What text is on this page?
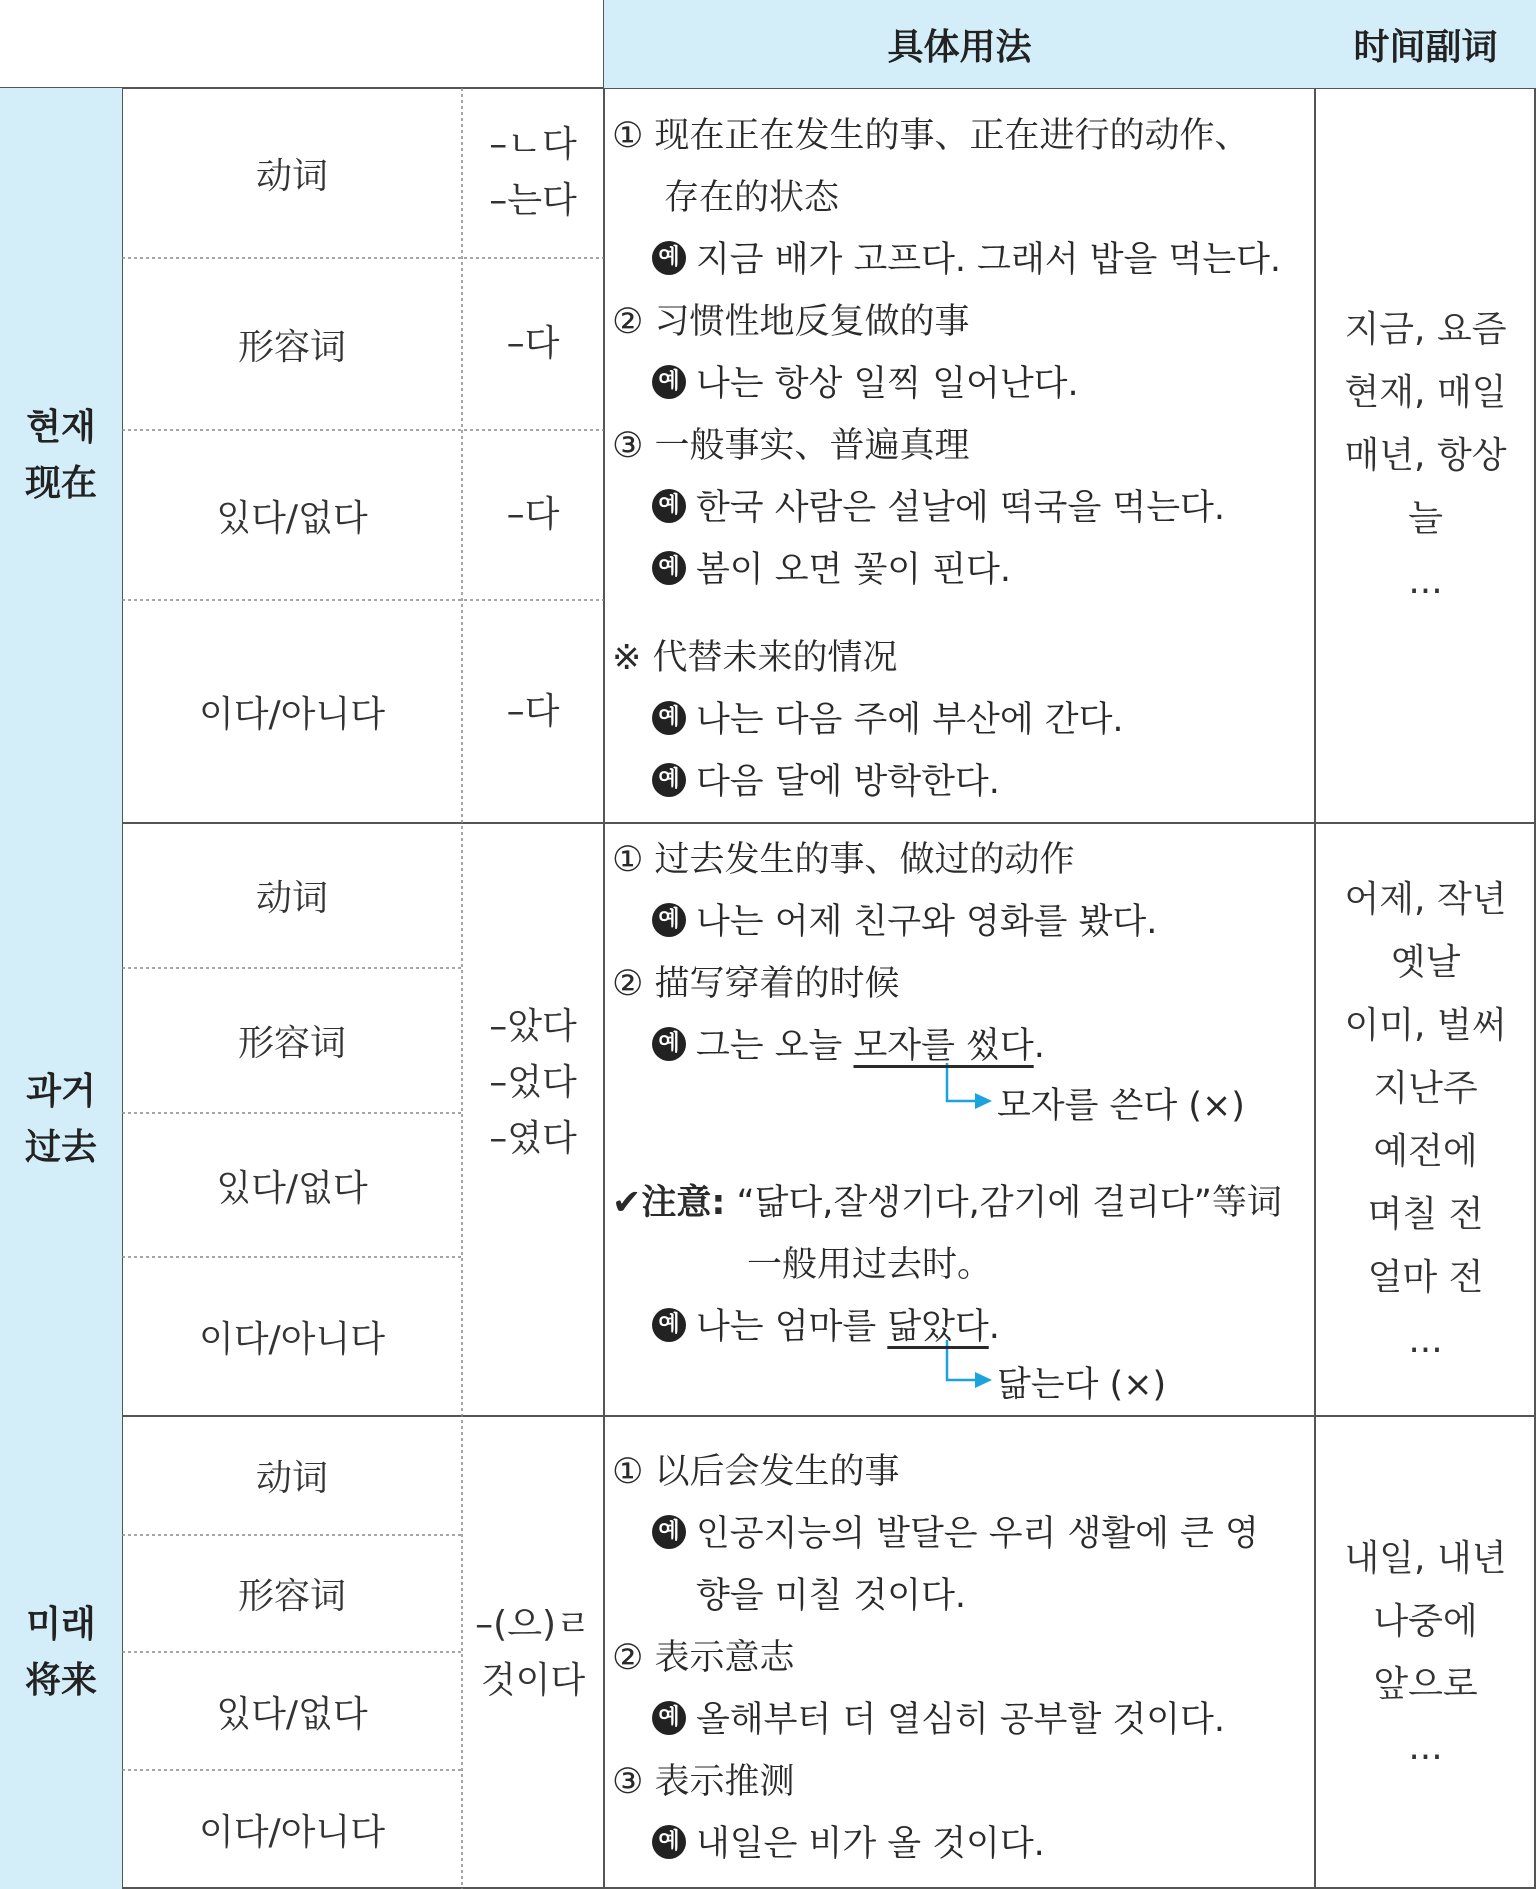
具体用法	时间副词
현재
现在
动词
形容词
있다/없다
이다/아니다
–ㄴ다
–는다
–다
–다
–다
① 现在正在发生的事、正在进行的动作、
存在的状态
예 지금 배가 고프다. 그래서 밥을 먹는다.
② 习惯性地反复做的事
예 나는 항상 일찍 일어난다.
③ 一般事实、普遍真理
예 한국 사람은 설날에 떡국을 먹는다.
예 봄이 오면 꽃이 핀다.
※ 代替未来的情况
예 나는 다음 주에 부산에 간다.
예 다음 달에 방학한다.
지금, 요즘
현재, 매일
매년, 항상
늘
...
과거
过去
动词
形容词
있다/없다
이다/아니다
–았다
–었다
–였다
① 过去发生的事、做过的动作
예 나는 어제 친구와 영화를 봤다.
② 描写穿着的时候
예 그는 오늘 모자를 썼다.
모자를 쓴다 (×)
✔注意: “닮다,잘생기다,감기에 걸리다”等词
一般用过去时。
예 나는 엄마를 닮았다.
닮는다 (×)
어제, 작년
옛날
이미, 벌써
지난주
예전에
며칠 전
얼마 전
...
미래
将来
动词
形容词
있다/없다
이다/아니다
–(으)ㄹ
것이다
① 以后会发生的事
예 인공지능의 발달은 우리 생활에 큰 영
향을 미칠 것이다.
② 表示意志
예 올해부터 더 열심히 공부할 것이다.
③ 表示推测
예 내일은 비가 올 것이다.
내일, 내년
나중에
앞으로
...
